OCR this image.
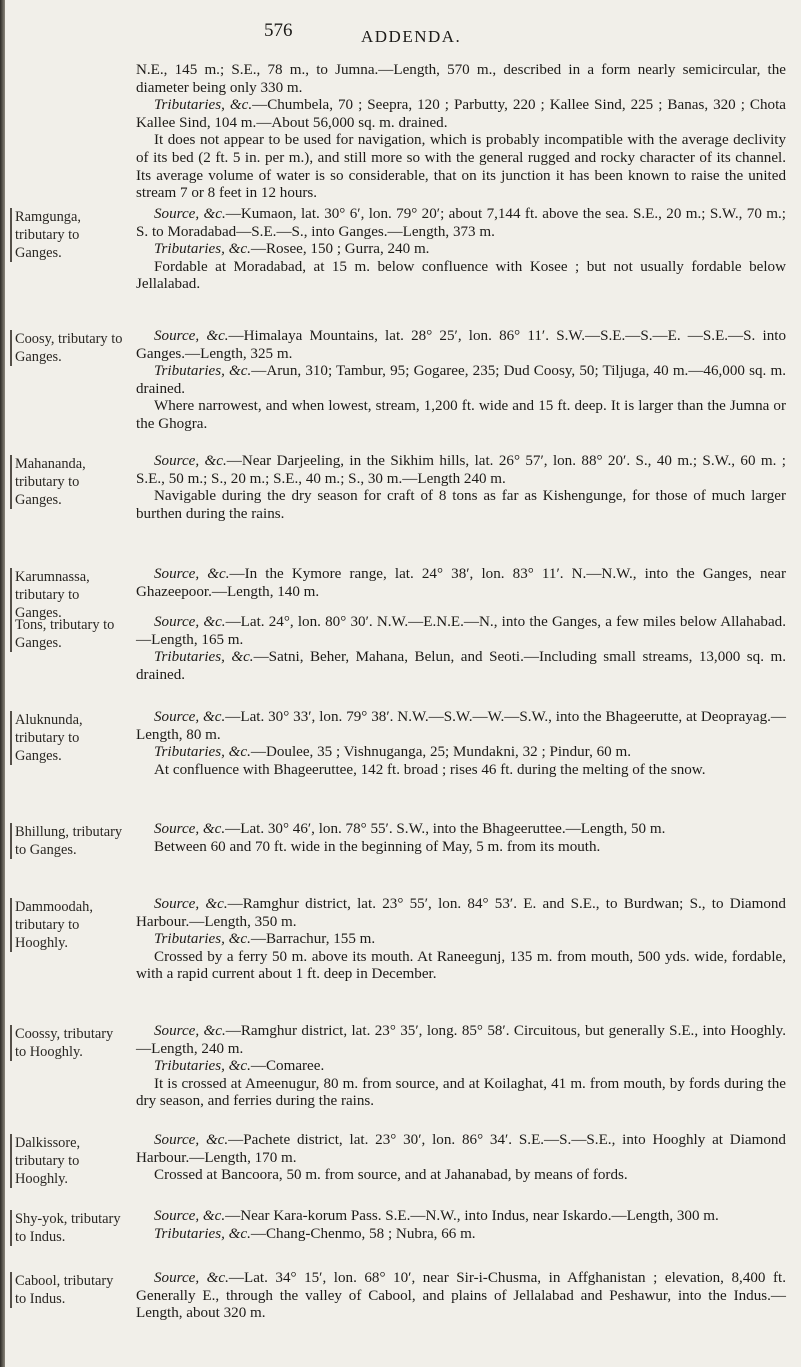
576	ADDENDA.

N.E., 145 m.; S.E., 78 m., to Jumna.—Length, 570 m., described in a form nearly semicircular, the diameter being only 330 m.

Tributaries, &c.—Chumbela, 70 ; Seepra, 120 ; Parbutty, 220 ; Kallee Sind, 225 ; Banas, 320 ; Chota Kallee Sind, 104 m.—About 56,000 sq. m. drained.

It does not appear to be used for navigation, which is probably incompatible with the average declivity of its bed (2 ft. 5 in. per m.), and still more so with the general rugged and rocky character of its channel. Its average volume of water is so considerable, that on its junction it has been known to raise the united stream 7 or 8 feet in 12 hours.

Ramgunga, tributary to Ganges.

Source, &c.—Kumaon, lat. 30° 6′, lon. 79° 20′; about 7,144 ft. above the sea. S.E., 20 m.; S.W., 70 m.; S. to Moradabad—S.E.—S., into Ganges.—Length, 373 m.

Tributaries, &c.—Rosee, 150 ; Gurra, 240 m.

Fordable at Moradabad, at 15 m. below confluence with Kosee ; but not usually fordable below Jellalabad.

Coosy, tributary to Ganges.

Source, &c.—Himalaya Mountains, lat. 28° 25′, lon. 86° 11′. S.W.—S.E.—S.—E. —S.E.—S. into Ganges.—Length, 325 m.

Tributaries, &c.—Arun, 310; Tambur, 95; Gogaree, 235; Dud Coosy, 50; Tiljuga, 40 m.—46,000 sq. m. drained.

Where narrowest, and when lowest, stream, 1,200 ft. wide and 15 ft. deep. It is larger than the Jumna or the Ghogra.

Mahananda, tributary to Ganges.

Source, &c.—Near Darjeeling, in the Sikhim hills, lat. 26° 57′, lon. 88° 20′. S., 40 m.; S.W., 60 m. ; S.E., 50 m.; S., 20 m.; S.E., 40 m.; S., 30 m.—Length 240 m.

Navigable during the dry season for craft of 8 tons as far as Kishengunge, for those of much larger burthen during the rains.

Karumnassa, tributary to Ganges.

Source, &c.—In the Kymore range, lat. 24° 38′, lon. 83° 11′. N.—N.W., into the Ganges, near Ghazeepoor.—Length, 140 m.

Tons, tributary to Ganges.

Source, &c.—Lat. 24°, lon. 80° 30′. N.W.—E.N.E.—N., into the Ganges, a few miles below Allahabad.—Length, 165 m.

Tributaries, &c.—Satni, Beher, Mahana, Belun, and Seoti.—Including small streams, 13,000 sq. m. drained.

Aluknunda, tributary to Ganges.

Source, &c.—Lat. 30° 33′, lon. 79° 38′. N.W.—S.W.—W.—S.W., into the Bhageerutte, at Deoprayag.—Length, 80 m.

Tributaries, &c.—Doulee, 35 ; Vishnuganga, 25; Mundakni, 32 ; Pindur, 60 m.

At confluence with Bhageeruttee, 142 ft. broad ; rises 46 ft. during the melting of the snow.

Bhillung, tributary to Ganges.

Source, &c.—Lat. 30° 46′, lon. 78° 55′. S.W., into the Bhageeruttee.—Length, 50 m.

Between 60 and 70 ft. wide in the beginning of May, 5 m. from its mouth.

Dammoodah, tributary to Hooghly.

Source, &c.—Ramghur district, lat. 23° 55′, lon. 84° 53′. E. and S.E., to Burdwan; S., to Diamond Harbour.—Length, 350 m.

Tributaries, &c.—Barrachur, 155 m.

Crossed by a ferry 50 m. above its mouth. At Raneegunj, 135 m. from mouth, 500 yds. wide, fordable, with a rapid current about 1 ft. deep in December.

Coossy, tributary to Hooghly.

Source, &c.—Ramghur district, lat. 23° 35′, long. 85° 58′. Circuitous, but generally S.E., into Hooghly.—Length, 240 m.

Tributaries, &c.—Comaree.

It is crossed at Ameenugur, 80 m. from source, and at Koilaghat, 41 m. from mouth, by fords during the dry season, and ferries during the rains.

Dalkissore, tributary to Hooghly.

Source, &c.—Pachete district, lat. 23° 30′, lon. 86° 34′. S.E.—S.—S.E., into Hooghly at Diamond Harbour.—Length, 170 m.

Crossed at Bancoora, 50 m. from source, and at Jahanabad, by means of fords.

Shy-yok, tributary to Indus.

Source, &c.—Near Kara-korum Pass. S.E.—N.W., into Indus, near Iskardo.—Length, 300 m.

Tributaries, &c.—Chang-Chenmo, 58 ; Nubra, 66 m.

Cabool, tributary to Indus.

Source, &c.—Lat. 34° 15′, lon. 68° 10′, near Sir-i-Chusma, in Affghanistan ; elevation, 8,400 ft. Generally E., through the valley of Cabool, and plains of Jellalabad and Peshawur, into the Indus.—Length, about 320 m.
